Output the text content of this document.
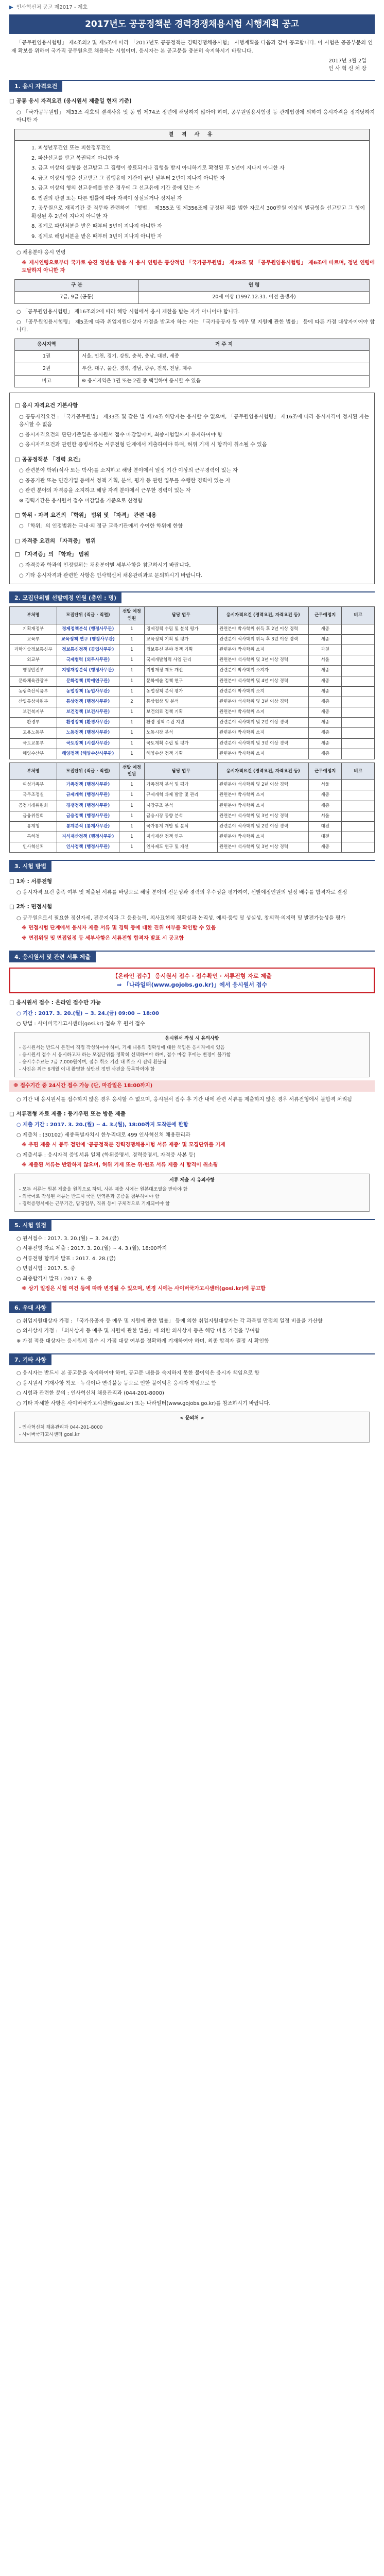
▶ 인사혁신처 공고 제2017 - 제호
2017년도 공공정책분 경력경쟁채용시험 시행계획 공고
「공무원임용시험령」 제4조의2 및 제5조에 따라 「2017년도 공공정책분 경력경쟁채용시험」 시행계획을 다음과 같이 공고합니다. 이 시험은 공공부문의 인재 확보를 위하여 국가직 공무원으로 채용하는 시험이며, 응시자는 본 공고문을 충분히 숙지하시기 바랍니다.
2017년 3월 2일
인 사 혁 신 처 장
1. 응시 자격요건
□ 공통 응시 자격요건 (응시원서 제출일 현재 기준)
○ 「국가공무원법」 제33조 각호의 결격사유 및 동 법 제74조 정년에 해당하지 않아야 하며, 공무원임용시험령 등 관계법령에 의하여 응시자격을 정지당하지 아니한 자
결 격 사 유
1. 피성년후견인 또는 피한정후견인
2. 파산선고를 받고 복권되지 아니한 자
3. 금고 이상의 실형을 선고받고 그 집행이 종료되거나 집행을 받지 아니하기로 확정된 후 5년이 지나지 아니한 자
4. 금고 이상의 형을 선고받고 그 집행유예 기간이 끝난 날부터 2년이 지나지 아니한 자
5. 금고 이상의 형의 선고유예를 받은 경우에 그 선고유예 기간 중에 있는 자
6. 법원의 판결 또는 다른 법률에 따라 자격이 상실되거나 정지된 자
7. 공무원으로 재직기간 중 직무와 관련하여 「형법」 제355조 및 제356조에 규정된 죄를 범한 자로서 300만원 이상의 벌금형을 선고받고 그 형이 확정된 후 2년이 지나지 아니한 자
8. 징계로 파면처분을 받은 때부터 5년이 지나지 아니한 자
9. 징계로 해임처분을 받은 때부터 3년이 지나지 아니한 자
○ 채용분야 응시 연령
※ 제시연령으로부터 국가로 승진 정년을 받을 시 응시 연령은 통상적인 「국가공무원법」 제28조 및 「공무원임용시험령」 제6조에 따르며, 정년 연령에 도달하지 아니한 자
구 분	연 령
7급, 9급 (공통)	20세 이상 (1997.12.31. 이전 출생자)
○ 「공무원임용시험령」 제16조의2에 따라 해당 시험에서 응시 제한을 받는 자가 아니어야 합니다.
○ 「공무원임용시험령」 제5조에 따라 취업지원대상자 가점을 받고자 하는 자는 「국가유공자 등 예우 및 지원에 관한 법률」 등에 따른 가점 대상자이어야 합니다.
응시지역	거 주 지
1권	서울, 인천, 경기, 강원, 충북, 충남, 대전, 세종
2권	부산, 대구, 울산, 경북, 경남, 광주, 전북, 전남, 제주
비고	※ 응시지역은 1권 또는 2권 중 택일하여 응시할 수 있음
□ 응시 자격요건 기본사항
○ 공통자격요건 : 「국가공무원법」 제33조 및 같은 법 제74조 해당자는 응시할 수 없으며, 「공무원임용시험령」 제16조에 따라 응시자격이 정지된 자는 응시할 수 없음
○ 응시자격요건의 판단기준일은 응시원서 접수 마감일이며, 최종시험일까지 유지하여야 함
○ 응시자격요건과 관련한 증빙서류는 서류전형 단계에서 제출하여야 하며, 허위 기재 시 합격이 취소될 수 있음
□ 공공정책분 「경력 요건」
○ 관련분야 학위(석사 또는 박사)를 소지하고 해당 분야에서 일정 기간 이상의 근무경력이 있는 자
○ 공공기관 또는 민간기업 등에서 정책 기획, 분석, 평가 등 관련 업무를 수행한 경력이 있는 자
○ 관련 분야의 자격증을 소지하고 해당 자격 분야에서 근무한 경력이 있는 자
※ 경력기간은 응시원서 접수 마감일을 기준으로 산정함
□ 학위 · 자격 요건의 「학위」 범위 및 「자격」 관련 내용
○ 「학위」의 인정범위는 국내·외 정규 교육기관에서 수여한 학위에 한함
□ 자격증 요건의 「자격증」 범위
□ 「자격증」의 「학과」 범위
○ 자격증과 학과의 인정범위는 채용분야별 세부사항을 참고하시기 바랍니다.
○ 기타 응시자격과 관련한 사항은 인사혁신처 채용관리과로 문의하시기 바랍니다.
2. 모집단위별 선발예정 인원 (총인 : 명)
부처명	모집단위 (직급 · 직렬)	선발 예정인원	담당 업무	응시자격요건 (경력요건, 자격요건 등)	근무예정지	비고
기획재정부	경제정책분석 (행정사무관)	1	경제정책 수립 및 분석 평가	관련분야 박사학위 취득 후 2년 이상 경력	세종	
교육부	교육정책 연구 (행정사무관)	1	교육정책 기획 및 평가	관련분야 석사학위 취득 후 3년 이상 경력	세종	
과학기술정보통신부	정보통신정책 (공업사무관)	1	정보통신 분야 정책 기획	관련분야 박사학위 소지	과천	
외교부	국제협력 (외무사무관)	1	국제개발협력 사업 관리	관련분야 석사학위 및 3년 이상 경력	서울	
행정안전부	지방재정분석 (행정사무관)	1	지방재정 제도 개선	관련분야 박사학위 소지자	세종	
문화체육관광부	문화정책 (학예연구관)	1	문화예술 정책 연구	관련분야 석사학위 및 4년 이상 경력	세종	
농림축산식품부	농업정책 (농업사무관)	1	농업정책 분석 평가	관련분야 박사학위 소지	세종	
산업통상자원부	통상정책 (행정사무관)	2	통상협상 및 분석	관련분야 석사학위 및 3년 이상 경력	세종	
보건복지부	보건정책 (보건사무관)	1	보건의료 정책 기획	관련분야 박사학위 소지	세종	
환경부	환경정책 (환경사무관)	1	환경 정책 수립 지원	관련분야 석사학위 및 2년 이상 경력	세종	
고용노동부	노동정책 (행정사무관)	1	노동시장 분석	관련분야 박사학위 소지	세종	
국토교통부	국토정책 (시설사무관)	1	국토계획 수립 및 평가	관련분야 석사학위 및 3년 이상 경력	세종	
해양수산부	해양정책 (해양수산사무관)	1	해양수산 정책 기획	관련분야 박사학위 소지	세종	
부처명	모집단위 (직급 · 직렬)	선발 예정인원	담당 업무	응시자격요건 (경력요건, 자격요건 등)	근무예정지	비고
여성가족부	가족정책 (행정사무관)	1	가족정책 분석 및 평가	관련분야 석사학위 및 2년 이상 경력	서울	
국무조정실	규제개혁 (행정사무관)	1	규제개혁 과제 발굴 및 관리	관련분야 박사학위 소지	세종	
공정거래위원회	경쟁정책 (행정사무관)	1	시장구조 분석	관련분야 박사학위 소지	세종	
금융위원회	금융정책 (행정사무관)	1	금융시장 동향 분석	관련분야 석사학위 및 3년 이상 경력	서울	
통계청	통계분석 (통계사무관)	1	국가통계 개발 및 분석	관련분야 석사학위 및 2년 이상 경력	대전	
특허청	지식재산정책 (행정사무관)	1	지식재산 정책 연구	관련분야 박사학위 소지	대전	
인사혁신처	인사정책 (행정사무관)	1	인사제도 연구 및 개선	관련분야 석사학위 및 3년 이상 경력	세종	
3. 시험 방법
□ 1차 : 서류전형
○ 응시자격 요건 충족 여부 및 제출된 서류를 바탕으로 해당 분야의 전문성과 경력의 우수성을 평가하여, 선발예정인원의 일정 배수를 합격자로 결정
□ 2차 : 면접시험
○ 공무원으로서 필요한 정신자세, 전문지식과 그 응용능력, 의사표현의 정확성과 논리성, 예의·품행 및 성실성, 창의력·의지력 및 발전가능성을 평가
※ 면접시험 단계에서 응시자 제출 서류 및 경력 등에 대한 진위 여부를 확인할 수 있음
※ 면접위원 및 면접일정 등 세부사항은 서류전형 합격자 발표 시 공고함
4. 응시원서 및 관련 서류 제출
【온라인 접수】 응시원서 접수 · 접수확인 · 서류전형 자료 제출
⇒ 「나라일터(www.gojobs.go.kr)」에서 응시원서 접수
□ 응시원서 접수 : 온라인 접수만 가능
○ 기간 : 2017. 3. 20.(월) ~ 3. 24.(금) 09:00 ~ 18:00
○ 방법 : 사이버국가고시센터(gosi.kr) 접속 후 원서 접수
응시원서 작성 시 유의사항
- 응시원서는 반드시 본인이 직접 작성하여야 하며, 기재 내용의 정확성에 대한 책임은 응시자에게 있음
- 응시원서 접수 시 응시하고자 하는 모집단위를 정확히 선택하여야 하며, 접수 마감 후에는 변경이 불가함
- 응시수수료는 7급 7,000원이며, 접수 취소 기간 내 취소 시 전액 환불됨
- 사진은 최근 6개월 이내 촬영한 상반신 정면 사진을 등록하여야 함
※ 접수기간 중 24시간 접수 가능 (단, 마감일은 18:00까지)
○ 기간 내 응시원서를 접수하지 않은 경우 응시할 수 없으며, 응시원서 접수 후 기간 내에 관련 서류를 제출하지 않은 경우 서류전형에서 불합격 처리됨
□ 서류전형 자료 제출 : 등기우편 또는 방문 제출
○ 제출 기간 : 2017. 3. 20.(월) ~ 4. 3.(월), 18:00까지 도착분에 한함
○ 제출처 : (30102) 세종특별자치시 한누리대로 499 인사혁신처 채용관리과
※ 우편 제출 시 봉투 겉면에 '공공정책분 경력경쟁채용시험 서류 재중' 및 모집단위를 기재
○ 제출서류 : 응시자격 증빙서류 일체 (학위증명서, 경력증명서, 자격증 사본 등)
※ 제출된 서류는 반환하지 않으며, 허위 기재 또는 위·변조 서류 제출 시 합격이 취소됨
서류 제출 시 유의사항
- 모든 서류는 원본 제출을 원칙으로 하되, 사본 제출 시에는 원본대조필을 받아야 함
- 외국어로 작성된 서류는 반드시 국문 번역본과 공증을 첨부하여야 함
- 경력증명서에는 근무기간, 담당업무, 직위 등이 구체적으로 기재되어야 함
5. 시험 일정
○ 원서접수 : 2017. 3. 20.(월) ~ 3. 24.(금)
○ 서류전형 자료 제출 : 2017. 3. 20.(월) ~ 4. 3.(월), 18:00까지
○ 서류전형 합격자 발표 : 2017. 4. 28.(금)
○ 면접시험 : 2017. 5. 중
○ 최종합격자 발표 : 2017. 6. 중
※ 상기 일정은 시험 여건 등에 따라 변경될 수 있으며, 변경 시에는 사이버국가고시센터(gosi.kr)에 공고함
6. 우대 사항
○ 취업지원대상자 가점 : 「국가유공자 등 예우 및 지원에 관한 법률」 등에 의한 취업지원대상자는 각 과목별 만점의 일정 비율을 가산함
○ 의사상자 가점 : 「의사상자 등 예우 및 지원에 관한 법률」에 의한 의사상자 등은 해당 비율 가점을 부여함
※ 가점 적용 대상자는 응시원서 접수 시 가점 대상 여부를 정확하게 기재하여야 하며, 최종 합격자 결정 시 확인함
7. 기타 사항
○ 응시자는 반드시 본 공고문을 숙지하여야 하며, 공고문 내용을 숙지하지 못한 불이익은 응시자 책임으로 함
○ 응시원서 기재사항 착오 · 누락이나 연락불능 등으로 인한 불이익은 응시자 책임으로 함
○ 시험과 관련한 문의 : 인사혁신처 채용관리과 (044-201-8000)
○ 기타 자세한 사항은 사이버국가고시센터(gosi.kr) 또는 나라일터(www.gojobs.go.kr)를 참조하시기 바랍니다.
< 문의처 >
- 인사혁신처 채용관리과 044-201-8000
- 사이버국가고시센터 gosi.kr
